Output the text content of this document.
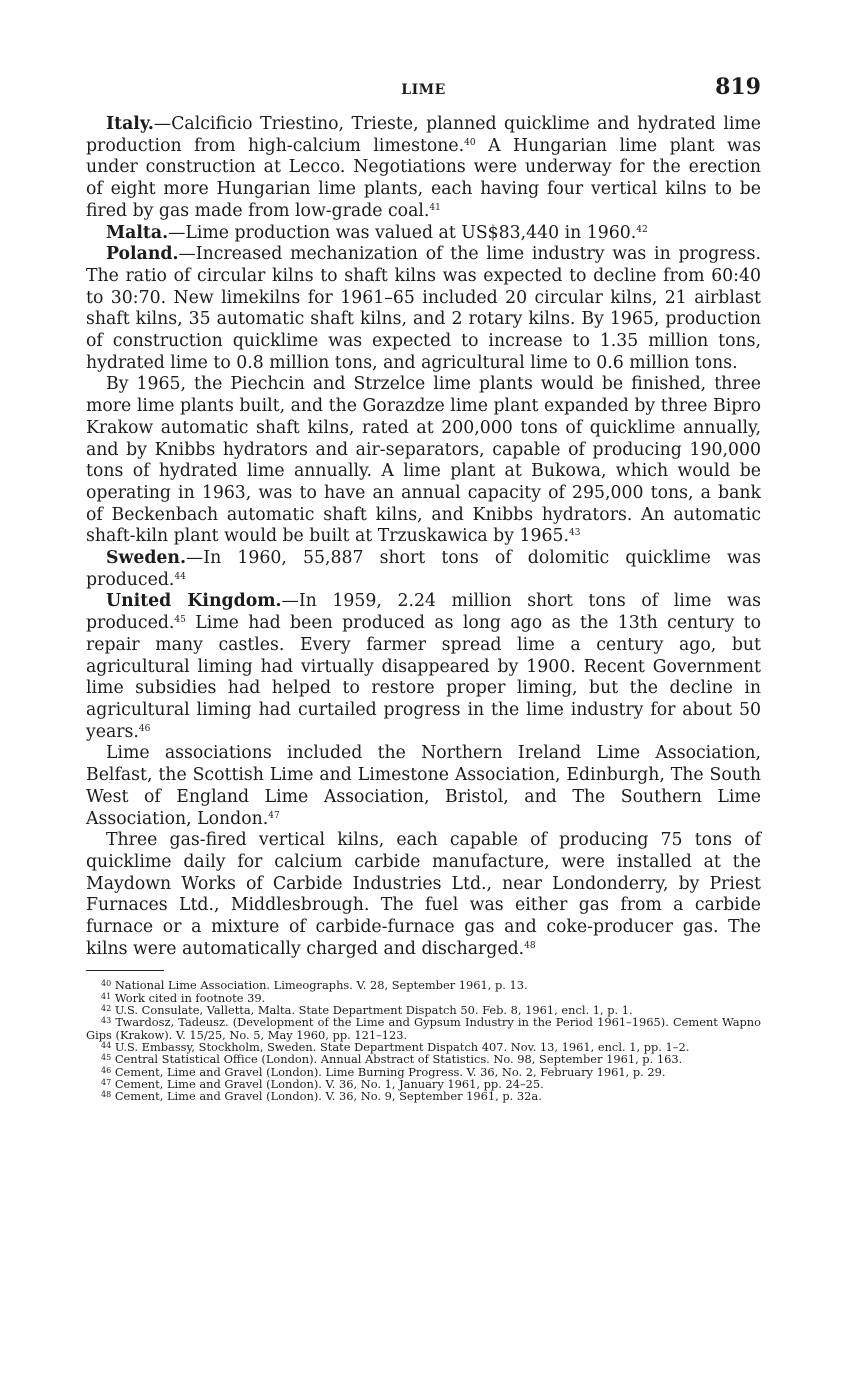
LIME	819

Italy.—Calcificio Triestino, Trieste, planned quicklime and hydrated lime production from high-calcium limestone.$^{40}$ A Hungarian lime plant was under construction at Lecco. Negotiations were underway for the erection of eight more Hungarian lime plants, each having four vertical kilns to be fired by gas made from low-grade coal.$^{41}$

Malta.—Lime production was valued at US$83,440 in 1960.42

Poland.—Increased mechanization of the lime industry was in progress. The ratio of circular kilns to shaft kilns was expected to decline from 60:40 to 30:70. New limekilns for 1961–65 included 20 circular kilns, 21 airblast shaft kilns, 35 automatic shaft kilns, and 2 rotary kilns. By 1965, production of construction quicklime was expected to increase to 1.35 million tons, hydrated lime to 0.8 million tons, and agricultural lime to 0.6 million tons.

By 1965, the Piechcin and Strzelce lime plants would be finished, three more lime plants built, and the Gorazdze lime plant expanded by three Bipro Krakow automatic shaft kilns, rated at 200,000 tons of quicklime annually, and by Knibbs hydrators and air-separators, capable of producing 190,000 tons of hydrated lime annually. A lime plant at Bukowa, which would be operating in 1963, was to have an annual capacity of 295,000 tons, a bank of Beckenbach automatic shaft kilns, and Knibbs hydrators. An automatic shaft-kiln plant would be built at Trzuskawica by 1965.43

Sweden.—In 1960, 55,887 short tons of dolomitic quicklime was produced.$^{44}$

United Kingdom.—In 1959, 2.24 million short tons of lime was produced.$^{45}$ Lime had been produced as long ago as the 13th century to repair many castles. Every farmer spread lime a century ago, but agricultural liming had virtually disappeared by 1900. Recent Government lime subsidies had helped to restore proper liming, but the decline in agricultural liming had curtailed progress in the lime industry for about 50 years.$^{46}$

Lime associations included the Northern Ireland Lime Association, Belfast, the Scottish Lime and Limestone Association, Edinburgh, The South West of England Lime Association, Bristol, and The Southern Lime Association, London.$^{47}$

Three gas-fired vertical kilns, each capable of producing 75 tons of quicklime daily for calcium carbide manufacture, were installed at the Maydown Works of Carbide Industries Ltd., near Londonderry, by Priest Furnaces Ltd., Middlesbrough. The fuel was either gas from a carbide furnace or a mixture of carbide-furnace gas and coke-producer gas. The kilns were automatically charged and discharged.$^{48}$

$^{40}$ National Lime Association. Limeographs. V. 28, September 1961, p. 13.

$^{41}$ Work cited in footnote 39.

$^{42}$ U.S. Consulate, Valletta, Malta. State Department Dispatch 50. Feb. 8, 1961, encl. 1, p. 1.

$^{43}$ Twardosz, Tadeusz. (Development of the Lime and Gypsum Industry in the Period 1961–1965). Cement Wapno Gips (Krakow). V. 15/25, No. 5, May 1960, pp. 121–123.

$^{44}$ U.S. Embassy, Stockholm, Sweden. State Department Dispatch 407. Nov. 13, 1961, encl. 1, pp. 1–2.

$^{45}$ Central Statistical Office (London). Annual Abstract of Statistics. No. 98, September 1961, p. 163.

$^{46}$ Cement, Lime and Gravel (London). Lime Burning Progress. V. 36, No. 2, February 1961, p. 29.

$^{47}$ Cement, Lime and Gravel (London). V. 36, No. 1, January 1961, pp. 24–25.

$^{48}$ Cement, Lime and Gravel (London). V. 36, No. 9, September 1961, p. 32a.
